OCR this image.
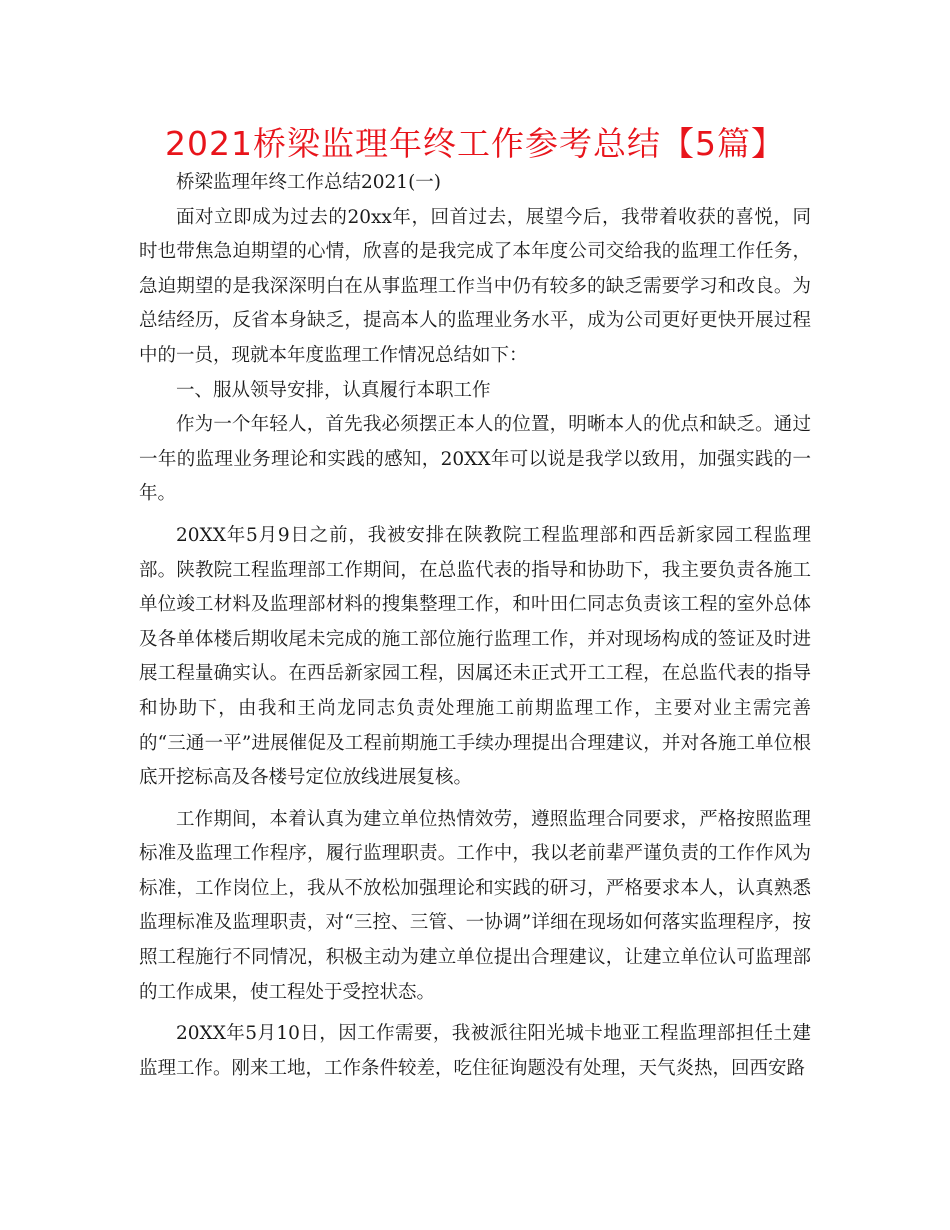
2021桥梁监理年终工作参考总结【5篇】

桥梁监理年终工作总结2021(一)

面对立即成为过去的20xx年，回首过去，展望今后，我带着收获的喜悦，同时也带焦急迫期望的心情，欣喜的是我完成了本年度公司交给我的监理工作任务，急迫期望的是我深深明白在从事监理工作当中仍有较多的缺乏需要学习和改良。为总结经历，反省本身缺乏，提高本人的监理业务水平，成为公司更好更快开展过程中的一员，现就本年度监理工作情况总结如下：

一、服从领导安排，认真履行本职工作

作为一个年轻人，首先我必须摆正本人的位置，明晰本人的优点和缺乏。通过一年的监理业务理论和实践的感知，20XX年可以说是我学以致用，加强实践的一年。

20XX年5月9日之前，我被安排在陕教院工程监理部和西岳新家园工程监理部。陕教院工程监理部工作期间，在总监代表的指导和协助下，我主要负责各施工单位竣工材料及监理部材料的搜集整理工作，和叶田仁同志负责该工程的室外总体及各单体楼后期收尾未完成的施工部位施行监理工作，并对现场构成的签证及时进展工程量确实认。在西岳新家园工程，因属还未正式开工工程，在总监代表的指导和协助下，由我和王尚龙同志负责处理施工前期监理工作，主要对业主需完善的“三通一平”进展催促及工程前期施工手续办理提出合理建议，并对各施工单位根底开挖标高及各楼号定位放线进展复核。

工作期间，本着认真为建立单位热情效劳，遵照监理合同要求，严格按照监理标准及监理工作程序，履行监理职责。工作中，我以老前辈严谨负责的工作作风为标准，工作岗位上，我从不放松加强理论和实践的研习，严格要求本人，认真熟悉监理标准及监理职责，对“三控、三管、一协调”详细在现场如何落实监理程序，按照工程施行不同情况，积极主动为建立单位提出合理建议，让建立单位认可监理部的工作成果，使工程处于受控状态。

20XX年5月10日，因工作需要，我被派往阳光城卡地亚工程监理部担任土建监理工作。刚来工地，工作条件较差，吃住征询题没有处理，天气炎热，回西安路
